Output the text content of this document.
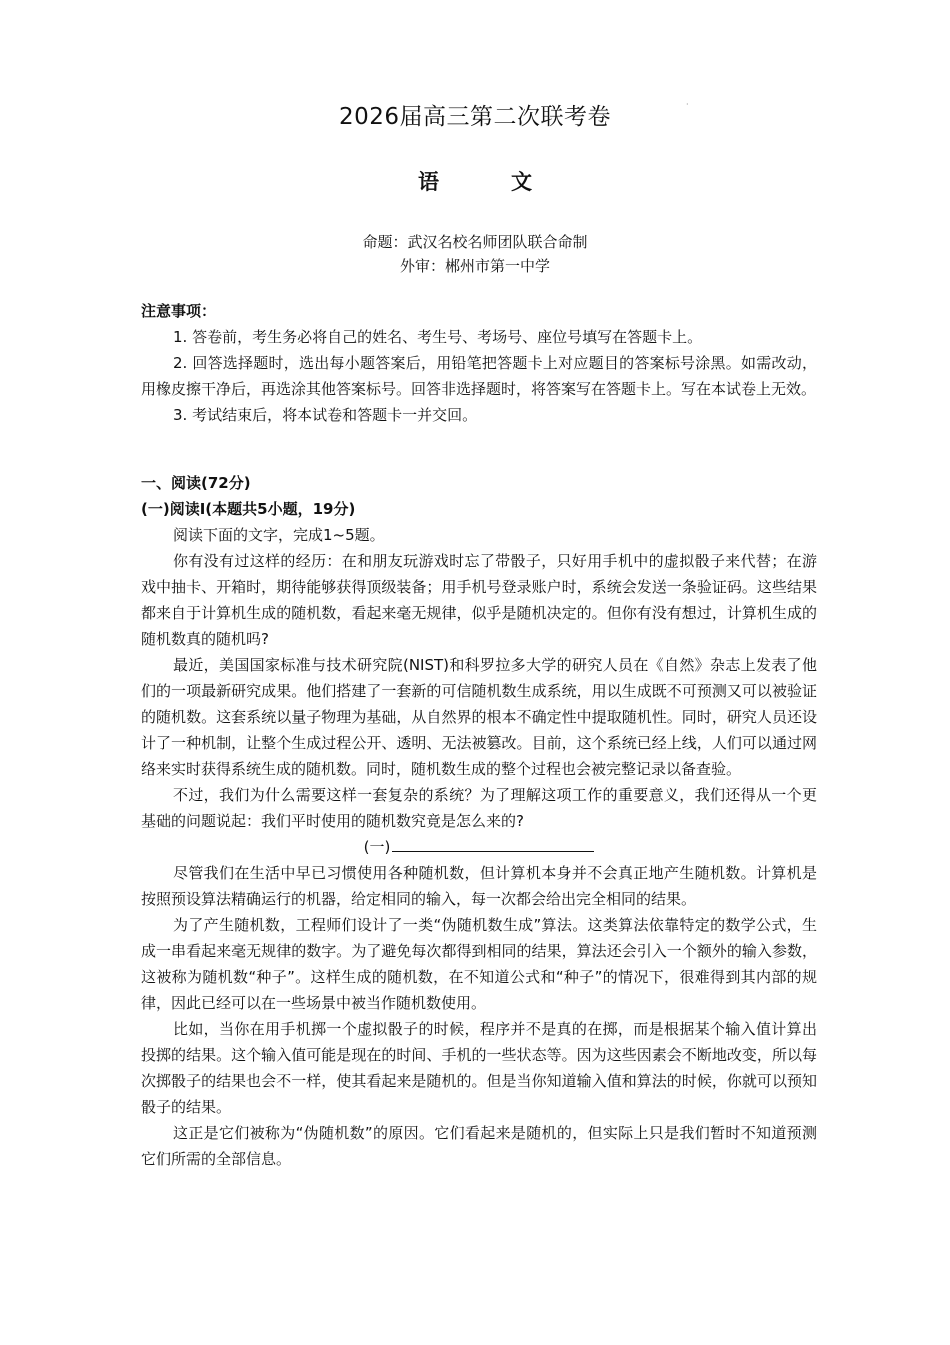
2026届高三第二次联考卷	·
语	文
命题：武汉名校名师团队联合命制
外审：郴州市第一中学

注意事项：

1. 答卷前，考生务必将自己的姓名、考生号、考场号、座位号填写在答题卡上。

2. 回答选择题时，选出每小题答案后，用铅笔把答题卡上对应题目的答案标号涂黑。如需改动，用橡皮擦干净后，再选涂其他答案标号。回答非选择题时，将答案写在答题卡上。写在本试卷上无效。

3. 考试结束后，将本试卷和答题卡一并交回。

一、阅读(72分)

(一)阅读Ⅰ(本题共5小题，19分)

阅读下面的文字，完成1~5题。

你有没有过这样的经历：在和朋友玩游戏时忘了带骰子，只好用手机中的虚拟骰子来代替；在游戏中抽卡、开箱时，期待能够获得顶级装备；用手机号登录账户时，系统会发送一条验证码。这些结果都来自于计算机生成的随机数，看起来毫无规律，似乎是随机决定的。但你有没有想过，计算机生成的随机数真的随机吗?

最近，美国国家标准与技术研究院(NIST)和科罗拉多大学的研究人员在《自然》杂志上发表了他们的一项最新研究成果。他们搭建了一套新的可信随机数生成系统，用以生成既不可预测又可以被验证的随机数。这套系统以量子物理为基础，从自然界的根本不确定性中提取随机性。同时，研究人员还设计了一种机制，让整个生成过程公开、透明、无法被篡改。目前，这个系统已经上线，人们可以通过网络来实时获得系统生成的随机数。同时，随机数生成的整个过程也会被完整记录以备查验。

不过，我们为什么需要这样一套复杂的系统？为了理解这项工作的重要意义，我们还得从一个更基础的问题说起：我们平时使用的随机数究竟是怎么来的?

(一)

尽管我们在生活中早已习惯使用各种随机数，但计算机本身并不会真正地产生随机数。计算机是按照预设算法精确运行的机器，给定相同的输入，每一次都会给出完全相同的结果。

为了产生随机数，工程师们设计了一类“伪随机数生成”算法。这类算法依靠特定的数学公式，生成一串看起来毫无规律的数字。为了避免每次都得到相同的结果，算法还会引入一个额外的输入参数，这被称为随机数“种子”。这样生成的随机数，在不知道公式和“种子”的情况下，很难得到其内部的规律，因此已经可以在一些场景中被当作随机数使用。

比如，当你在用手机掷一个虚拟骰子的时候，程序并不是真的在掷，而是根据某个输入值计算出投掷的结果。这个输入值可能是现在的时间、手机的一些状态等。因为这些因素会不断地改变，所以每次掷骰子的结果也会不一样，使其看起来是随机的。但是当你知道输入值和算法的时候，你就可以预知骰子的结果。

这正是它们被称为“伪随机数”的原因。它们看起来是随机的，但实际上只是我们暂时不知道预测它们所需的全部信息。
